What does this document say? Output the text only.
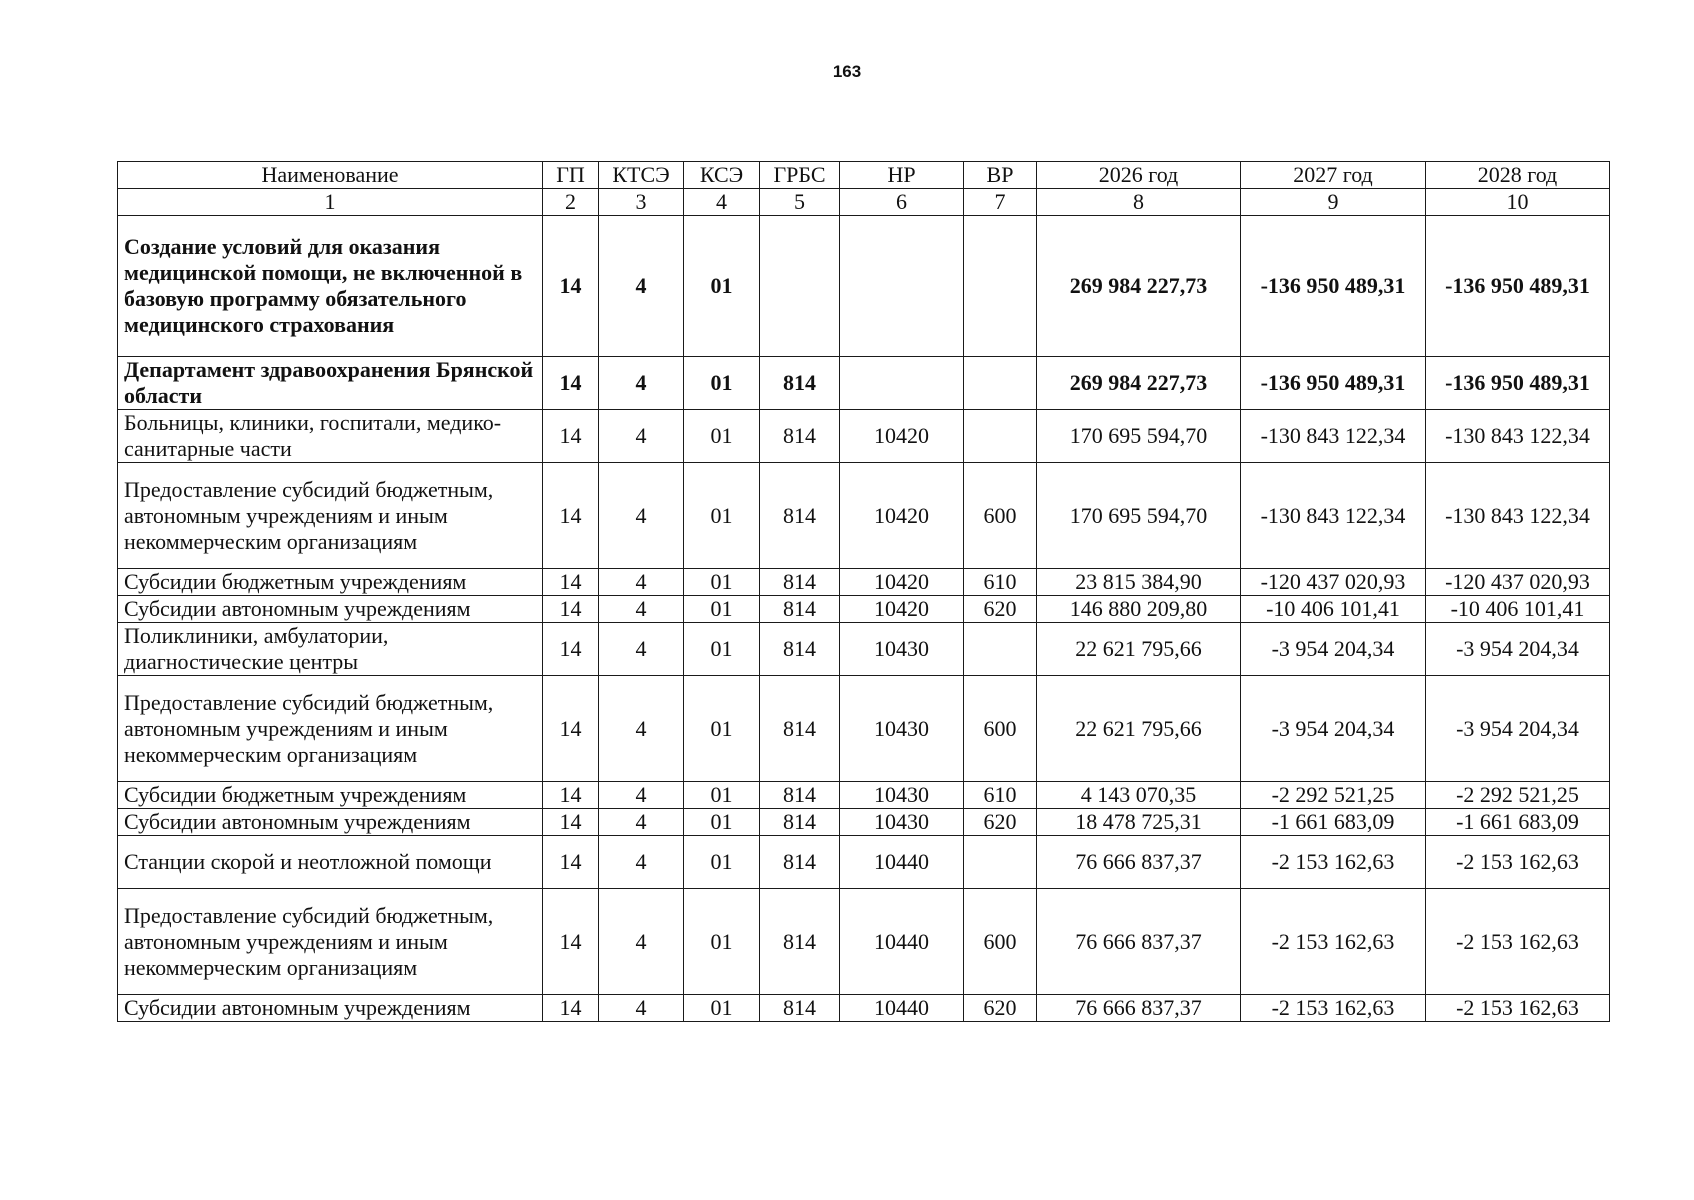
163
Наименование	ГП	КТСЭ	КСЭ	ГРБС	НР	ВР	2026 год	2027 год	2028 год
1	2	3	4	5	6	7	8	9	10
Создание условий для оказания медицинской помощи, не включенной в базовую программу обязательного медицинского страхования	14	4	01				269 984 227,73	-136 950 489,31	-136 950 489,31
Департамент здравоохранения Брянской области	14	4	01	814			269 984 227,73	-136 950 489,31	-136 950 489,31
Больницы, клиники, госпитали, медико-санитарные части	14	4	01	814	10420		170 695 594,70	-130 843 122,34	-130 843 122,34
Предоставление субсидий бюджетным, автономным учреждениям и иным некоммерческим организациям	14	4	01	814	10420	600	170 695 594,70	-130 843 122,34	-130 843 122,34
Субсидии бюджетным учреждениям	14	4	01	814	10420	610	23 815 384,90	-120 437 020,93	-120 437 020,93
Субсидии автономным учреждениям	14	4	01	814	10420	620	146 880 209,80	-10 406 101,41	-10 406 101,41
Поликлиники, амбулатории, диагностические центры	14	4	01	814	10430		22 621 795,66	-3 954 204,34	-3 954 204,34
Предоставление субсидий бюджетным, автономным учреждениям и иным некоммерческим организациям	14	4	01	814	10430	600	22 621 795,66	-3 954 204,34	-3 954 204,34
Субсидии бюджетным учреждениям	14	4	01	814	10430	610	4 143 070,35	-2 292 521,25	-2 292 521,25
Субсидии автономным учреждениям	14	4	01	814	10430	620	18 478 725,31	-1 661 683,09	-1 661 683,09
Станции скорой и неотложной помощи	14	4	01	814	10440		76 666 837,37	-2 153 162,63	-2 153 162,63
Предоставление субсидий бюджетным, автономным учреждениям и иным некоммерческим организациям	14	4	01	814	10440	600	76 666 837,37	-2 153 162,63	-2 153 162,63
Субсидии автономным учреждениям	14	4	01	814	10440	620	76 666 837,37	-2 153 162,63	-2 153 162,63
